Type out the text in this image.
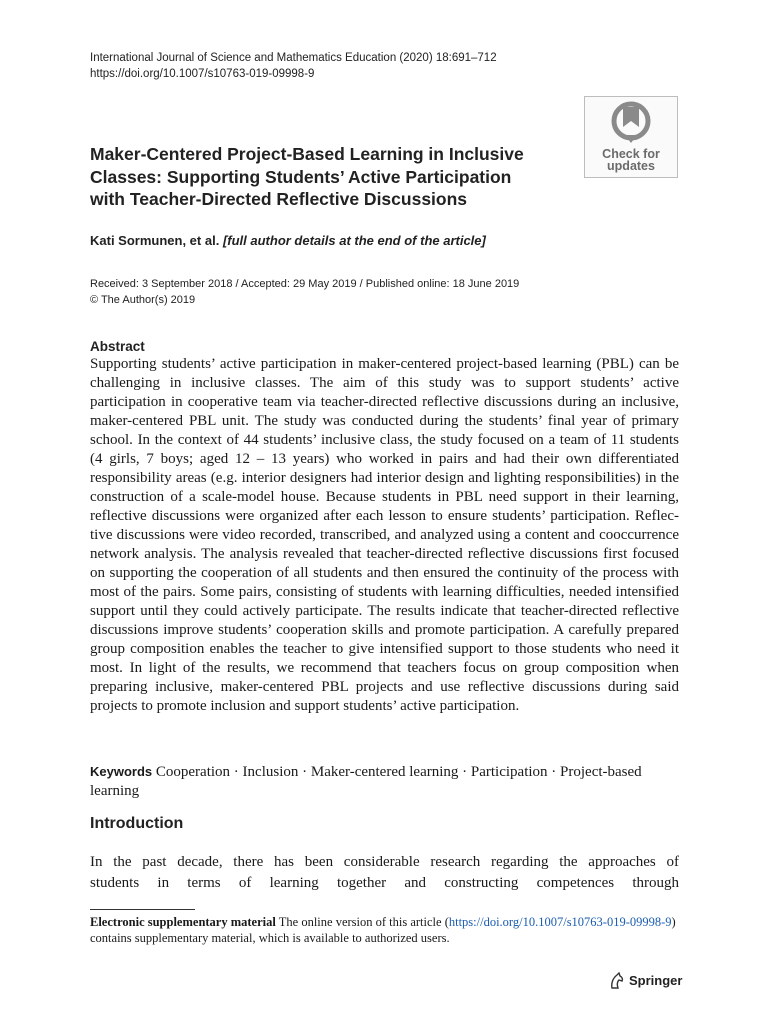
International Journal of Science and Mathematics Education (2020) 18:691–712
https://doi.org/10.1007/s10763-019-09998-9
Maker-Centered Project-Based Learning in Inclusive
Classes: Supporting Students’ Active Participation
with Teacher-Directed Reflective Discussions
Check for
updates
Kati Sormunen, et al. [full author details at the end of the article]
Received: 3 September 2018 / Accepted: 29 May 2019 / Published online: 18 June 2019
© The Author(s) 2019
Abstract

Supporting students’ active participation in maker-centered project-based learning (PBL) can be challenging in inclusive classes. The aim of this study was to support students’ active participation in cooperative team via teacher-directed reflective discussions during an inclusive, maker-centered PBL unit. The study was conducted during the students’ final year of primary school. In the context of 44 students’ inclusive class, the study focused on a team of 11 students (4 girls, 7 boys; aged 12 – 13 years) who worked in pairs and had their own differentiated responsibility areas (e.g. interior designers had interior design and lighting responsibilities) in the construction of a scale-model house. Because students in PBL need support in their learning, reflective discussions were organized after each lesson to ensure students’ participation. Reflective discussions were video recorded, transcribed, and analyzed using a content and cooccurrence network analysis. The analysis revealed that teacher-directed reflective discussions first focused on supporting the cooperation of all students and then ensured the continuity of the process with most of the pairs. Some pairs, consisting of students with learning difficulties, needed intensified support until they could actively participate. The results indicate that teacher-directed reflective discussions improve students’ cooperation skills and promote participation. A carefully prepared group composition enables the teacher to give intensified support to those students who need it most. In light of the results, we recommend that teachers focus on group composition when preparing inclusive, maker-centered PBL projects and use reflective discussions during said projects to promote inclusion and support students’ active participation.

Keywords Cooperation · Inclusion · Maker-centered learning · Participation · Project-based learning
Introduction
In the past decade, there has been considerable research regarding the approaches of
students in terms of learning together and constructing competences through
Electronic supplementary material The online version of this article (https://doi.org/10.1007/s10763-019-09998-9) contains supplementary material, which is available to authorized users.
Springer
